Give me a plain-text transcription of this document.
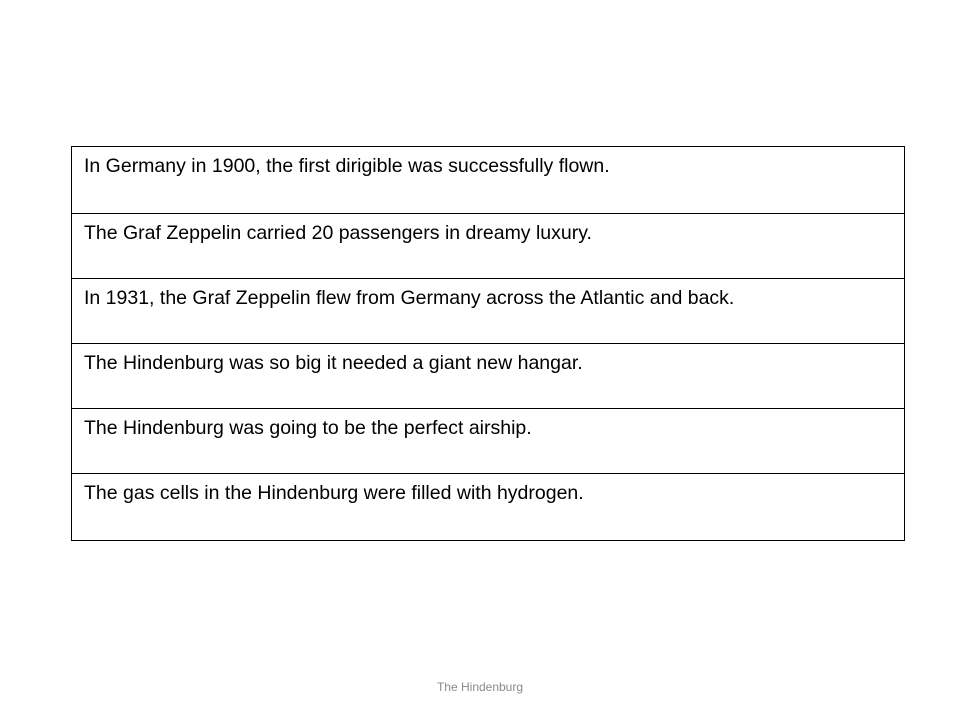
In Germany in 1900, the first dirigible was successfully flown.
The Graf Zeppelin carried 20 passengers in dreamy luxury.
In 1931, the Graf Zeppelin flew from Germany across the Atlantic and back.
The Hindenburg was so big it needed a giant new hangar.
The Hindenburg was going to be the perfect airship.
The gas cells in the Hindenburg were filled with hydrogen.
The Hindenburg
